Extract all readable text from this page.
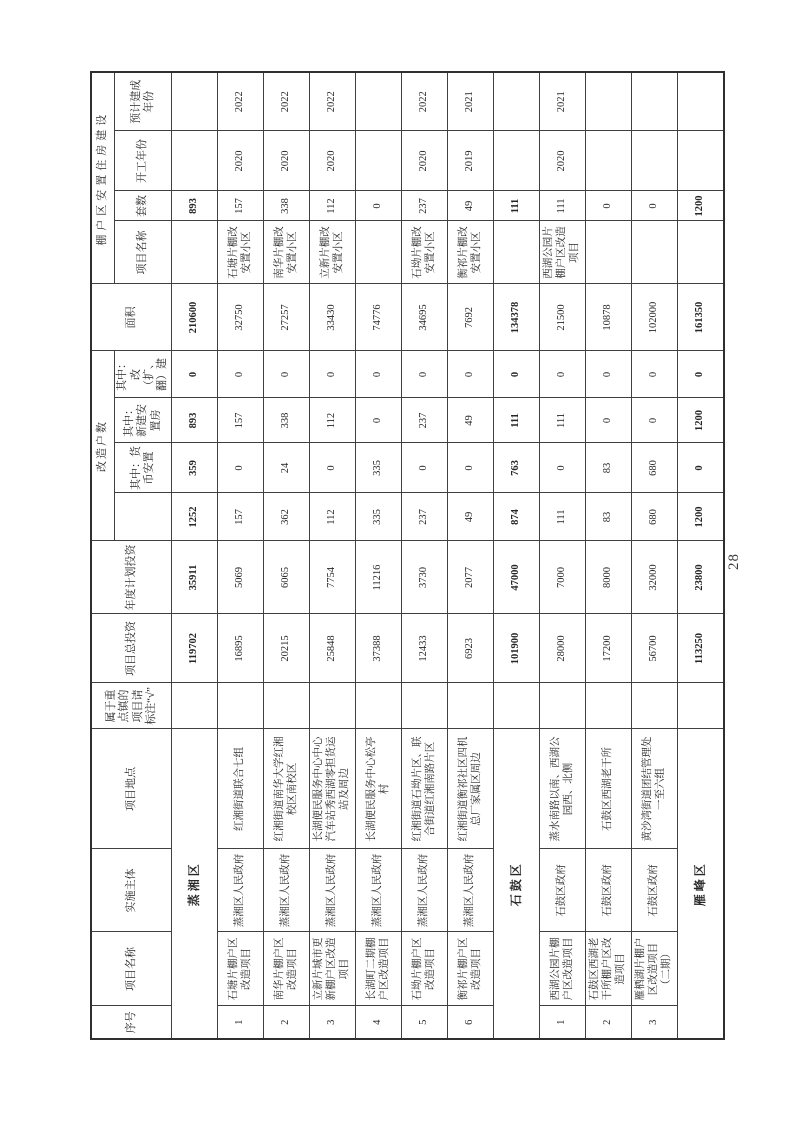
序号	项目名称	实施主体	项目地点	属于重点镇的项目请标注“√”	项目总投资	年度计划投资	改造户数				面积	棚户区安置住房建设			
								其中：货币安置	其中：新建安置房	其中：改（扩、翻）建		项目名称	套数	开工年份	预计建成年份
蒸湘区					119702	35911	1252	359	893	0	210600		893		
1	石塘片棚户区改造项目	蒸湘区人民政府	红湘街道联合七组		16895	5069	157	0	157	0	32750	石塘片棚改安置小区	157	2020	2022
2	南华片棚户区改造项目	蒸湘区人民政府	红湘街道南华大学红湘校区南校区		20215	6065	362	24	338	0	27257	南华片棚改安置小区	338	2020	2022
3	立新片城市更新棚户区改造项目	蒸湘区人民政府	长湖便民服务中心中心汽车站秀西湖零担货运站及周边		25848	7754	112	0	112	0	33430	立新片棚改安置小区	112	2020	2022
4	长湖町二期棚户区改造项目	蒸湘区人民政府	长湖便民服务中心松亭村		37388	11216	335	335	0	0	74776		0		
5	石坳片棚户区改造项目	蒸湘区人民政府	红湘街道石坳片区、联合街道红湘南路片区		12433	3730	237	0	237	0	34695	石坳片棚改安置小区	237	2020	2022
6	衡祁片棚户区改造项目	蒸湘区人民政府	红湘街道衡祁社区四机总厂家属区周边		6923	2077	49	0	49	0	7692	衡祁片棚改安置小区	49	2019	2021
石鼓区					101900	47000	874	763	111	0	134378		111		
1	西湖公园片棚户区改造项目	石鼓区政府	蒸水南路以南、西湖公园西、北侧		28000	7000	111	0	111	0	21500	西湖公园片棚户区改造项目	111	2020	2021
2	石鼓区西湖老干所棚户区改造项目	石鼓区政府	石鼓区西湖老干所		17200	8000	83	83	0	0	10878		0		
3	雁栖湖片棚户区改造项目（二期）	石鼓区政府	黄沙湾街道团结管理处一至六组		56700	32000	680	680	0	0	102000		0		
雁峰区					113250	23800	1200	0	1200	0	161350		1200		
28
